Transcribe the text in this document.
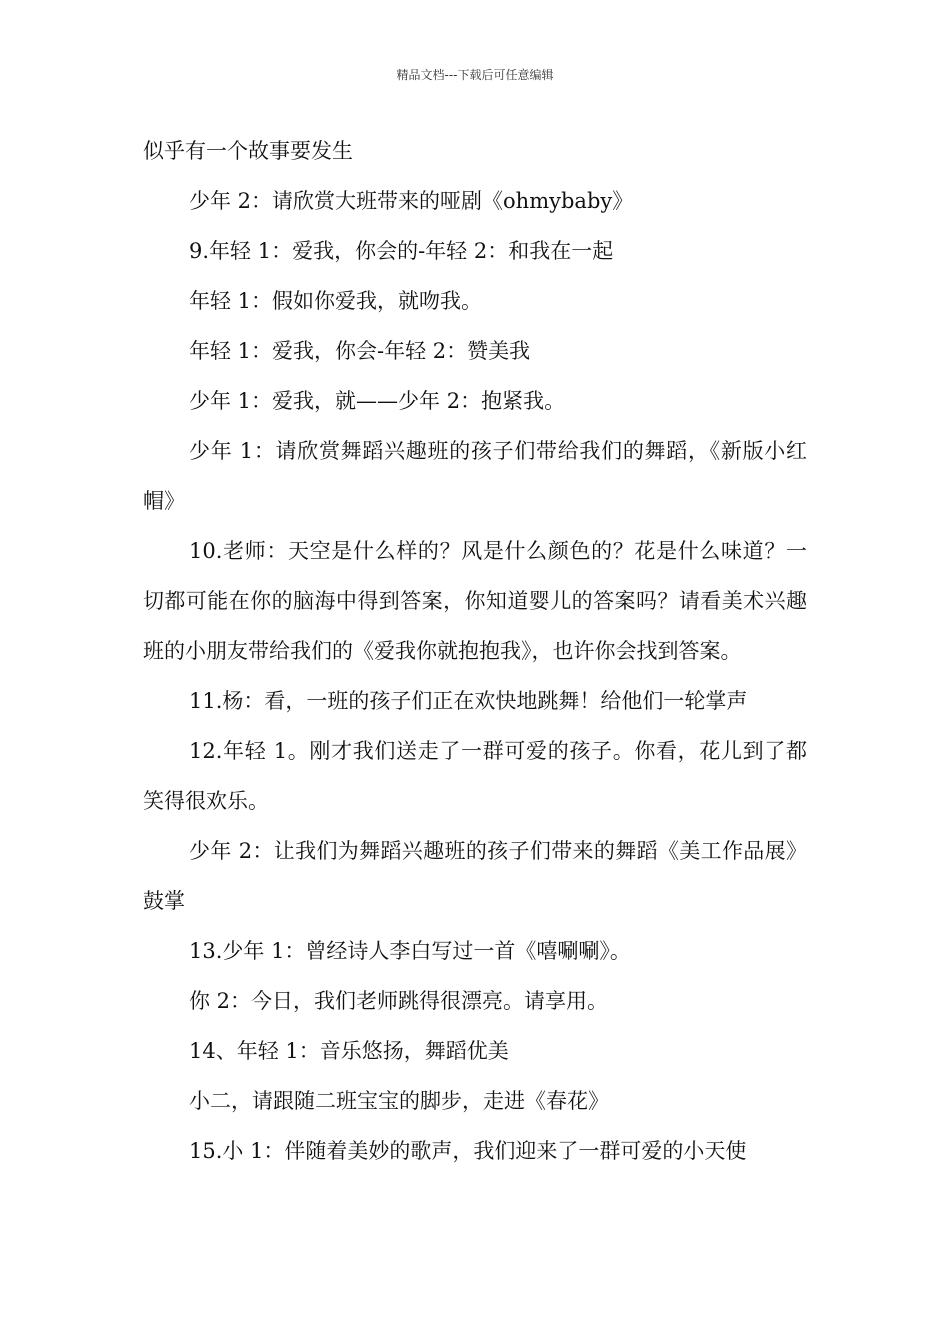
精品文档---下载后可任意编辑

似乎有一个故事要发生

少年 2：请欣赏大班带来的哑剧《ohmybaby》

9.年轻 1：爱我，你会的-年轻 2：和我在一起

年轻 1：假如你爱我，就吻我。

年轻 1：爱我，你会-年轻 2：赞美我

少年 1：爱我，就——少年 2：抱紧我。

少年 1：请欣赏舞蹈兴趣班的孩子们带给我们的舞蹈，《新版小红帽》

10.老师：天空是什么样的？风是什么颜色的？花是什么味道？一切都可能在你的脑海中得到答案，你知道婴儿的答案吗？请看美术兴趣班的小朋友带给我们的《爱我你就抱抱我》，也许你会找到答案。

11.杨：看，一班的孩子们正在欢快地跳舞！给他们一轮掌声

12.年轻 1。刚才我们送走了一群可爱的孩子。你看，花儿到了都笑得很欢乐。

少年 2：让我们为舞蹈兴趣班的孩子们带来的舞蹈《美工作品展》鼓掌

13.少年 1：曾经诗人李白写过一首《嘻唰唰》。

你 2：今日，我们老师跳得很漂亮。请享用。

14、年轻 1：音乐悠扬，舞蹈优美

小二，请跟随二班宝宝的脚步，走进《春花》

15.小 1：伴随着美妙的歌声，我们迎来了一群可爱的小天使
